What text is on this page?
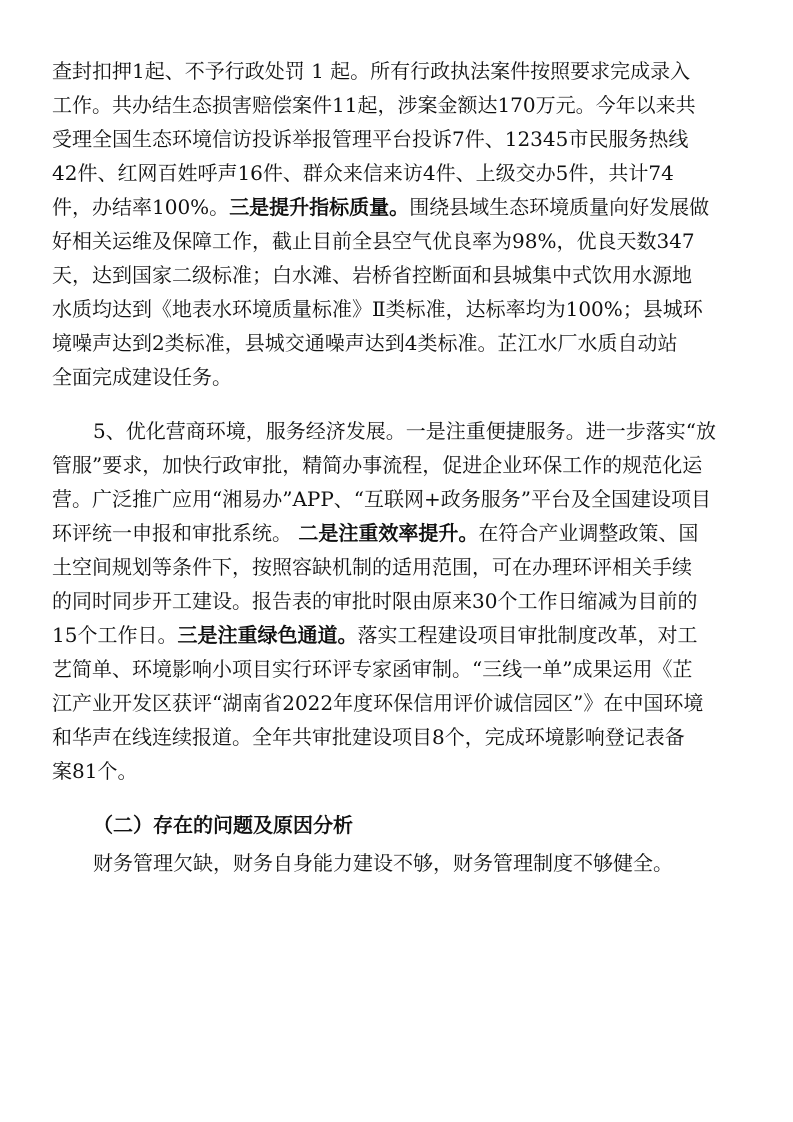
查封扣押1起、不予行政处罚 1 起。所有行政执法案件按照要求完成录入
工作。共办结生态损害赔偿案件11起，涉案金额达170万元。今年以来共
受理全国生态环境信访投诉举报管理平台投诉7件、12345市民服务热线
42件、红网百姓呼声16件、群众来信来访4件、上级交办5件，共计74
件，办结率100%。三是提升指标质量。围绕县域生态环境质量向好发展做
好相关运维及保障工作，截止目前全县空气优良率为98%，优良天数347
天，达到国家二级标准；白水滩、岩桥省控断面和县城集中式饮用水源地
水质均达到《地表水环境质量标准》Ⅱ类标准，达标率均为100%；县城环
境噪声达到2类标准，县城交通噪声达到4类标准。芷江水厂水质自动站
全面完成建设任务。
5、优化营商环境，服务经济发展。一是注重便捷服务。进一步落实“放
管服”要求，加快行政审批，精简办事流程，促进企业环保工作的规范化运
营。广泛推广应用“湘易办”APP、“互联网+政务服务”平台及全国建设项目
环评统一申报和审批系统。 二是注重效率提升。在符合产业调整政策、国
土空间规划等条件下，按照容缺机制的适用范围，可在办理环评相关手续
的同时同步开工建设。报告表的审批时限由原来30个工作日缩减为目前的
15个工作日。三是注重绿色通道。落实工程建设项目审批制度改革，对工
艺简单、环境影响小项目实行环评专家函审制。“三线一单”成果运用《芷
江产业开发区获评“湖南省2022年度环保信用评价诚信园区”》在中国环境
和华声在线连续报道。全年共审批建设项目8个，完成环境影响登记表备
案81个。
（二）存在的问题及原因分析
财务管理欠缺，财务自身能力建设不够，财务管理制度不够健全。
